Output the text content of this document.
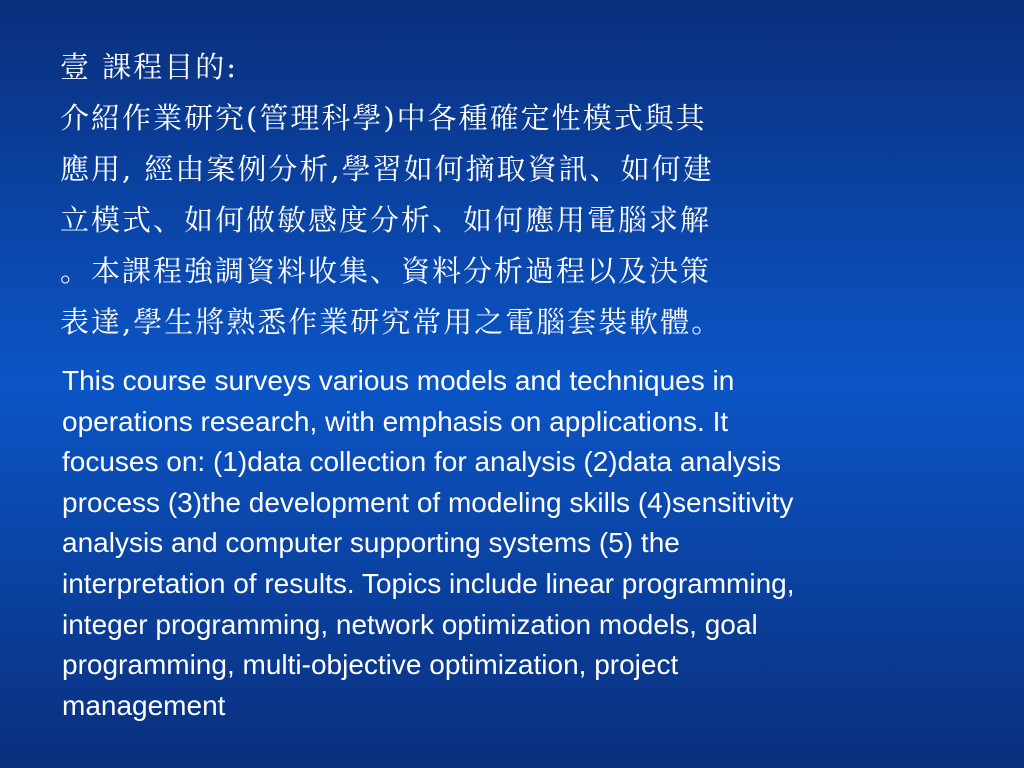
壹 課程目的:
介紹作業研究(管理科學)中各種確定性模式與其
應用, 經由案例分析,學習如何摘取資訊、如何建
立模式、如何做敏感度分析、如何應用電腦求解
。本課程強調資料收集、資料分析過程以及決策
表達,學生將熟悉作業研究常用之電腦套裝軟體。
This course surveys various models and techniques in
operations research, with emphasis on applications. It
focuses on: (1)data collection for analysis (2)data analysis
process (3)the development of modeling skills (4)sensitivity
analysis and computer supporting systems (5) the
interpretation of results. Topics include linear programming,
integer programming, network optimization models, goal
programming, multi-objective optimization, project
management
